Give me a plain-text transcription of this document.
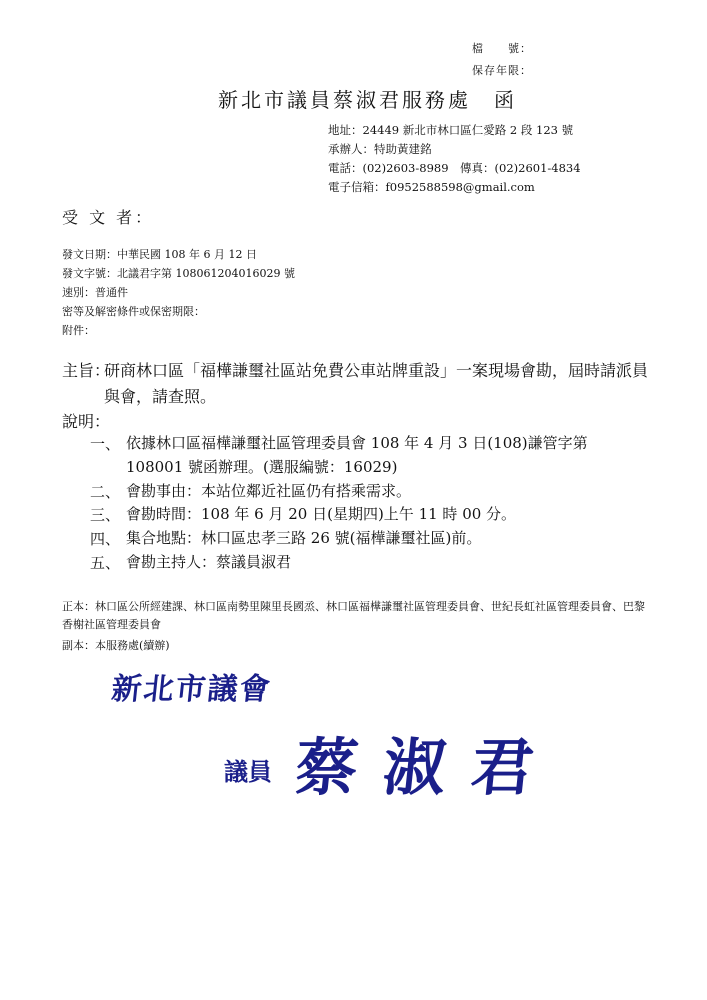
檔　　號：
保存年限：
新北市議員蔡淑君服務處　函
地址：24449 新北市林口區仁愛路 2 段 123 號
承辦人：特助黃建銘
電話：(02)2603-8989　傳真：(02)2601-4834
電子信箱：f0952588598@gmail.com
受 文 者：
發文日期：中華民國 108 年 6 月 12 日
發文字號：北議君字第 108061204016029 號
速別：普通件
密等及解密條件或保密期限：
附件：
主旨：
研商林口區「福樺謙璽社區站免費公車站牌重設」一案現場會勘，屆時請派員與會，請查照。
說明：
一、 依據林口區福樺謙璽社區管理委員會 108 年 4 月 3 日(108)謙管字第 108001 號函辦理。(選服編號：16029)
二、 會勘事由：本站位鄰近社區仍有搭乘需求。
三、 會勘時間：108 年 6 月 20 日(星期四)上午 11 時 00 分。
四、 集合地點：林口區忠孝三路 26 號(福樺謙璽社區)前。
五、 會勘主持人：蔡議員淑君
正本：林口區公所經建課、林口區南勢里陳里長國烝、林口區福樺謙璽社區管理委員會、世紀長虹社區管理委員會、巴黎香榭社區管理委員會
副本：本服務處(續辦)
新北市議會
議員 蔡淑君
